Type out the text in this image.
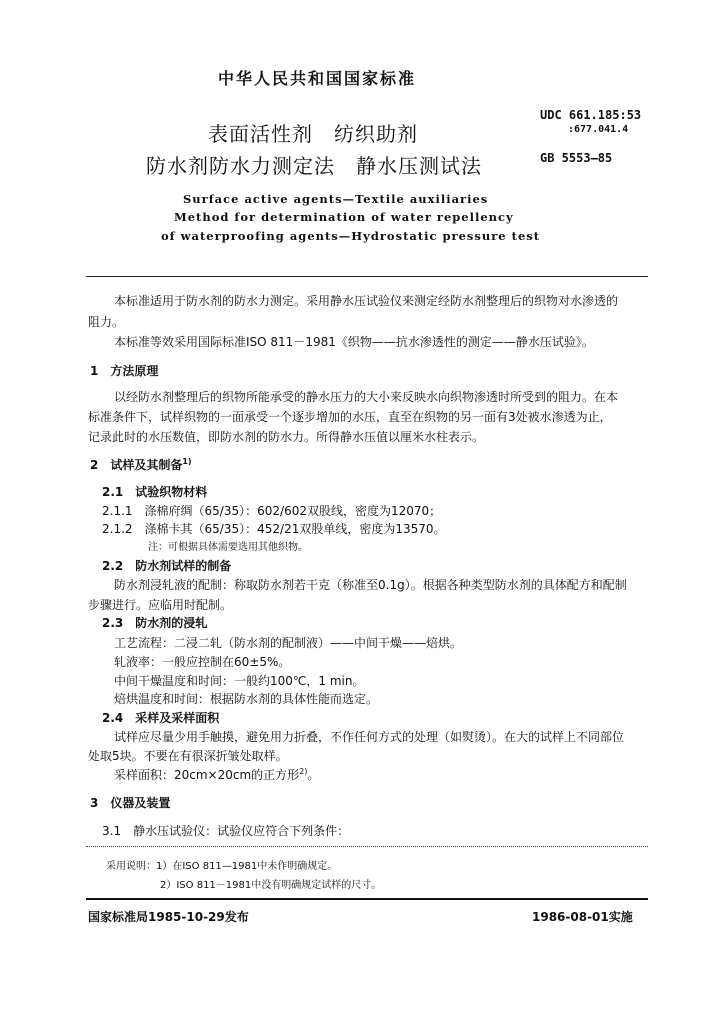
中华人民共和国国家标准
表面活性剂　纺织助剂
防水剂防水力测定法　静水压测试法
UDC 661.185:53
:677.041.4
GB 5553—85
Surface active agents—Textile auxiliaries
Method for determination of water repellency
of waterproofing agents—Hydrostatic pressure test
本标准适用于防水剂的防水力测定。采用静水压试验仪来测定经防水剂整理后的织物对水渗透的
阻力。
本标准等效采用国际标准ISO 811－1981《织物——抗水渗透性的测定——静水压试验》。
1　方法原理
以经防水剂整理后的织物所能承受的静水压力的大小来反映水向织物渗透时所受到的阻力。在本
标准条件下，试样织物的一面承受一个逐步增加的水压，直至在织物的另一面有3处被水渗透为止，
记录此时的水压数值，即防水剂的防水力。所得静水压值以厘米水柱表示。
2　试样及其制备$^{1)}$
2.1　试验织物材料
2.1.1　涤棉府绸（65/35）：602/602双股线，密度为12070；
2.1.2　涤棉卡其（65/35）：452/21双股单线，密度为13570。
注：可根据具体需要选用其他织物。
2.2　防水剂试样的制备
防水剂浸轧液的配制：称取防水剂若干克（称准至0.1g）。根据各种类型防水剂的具体配方和配制
步骤进行。应临用时配制。
2.3　防水剂的浸轧
工艺流程：二浸二轧（防水剂的配制液）——中间干燥——焙烘。
轧液率：一般应控制在60±5%。
中间干燥温度和时间：一般约100℃，1 min。
焙烘温度和时间：根据防水剂的具体性能而选定。
2.4　采样及采样面积
试样应尽量少用手触摸，避免用力折叠，不作任何方式的处理（如熨烫）。在大的试样上不同部位
处取5块。不要在有很深折皱处取样。
采样面积：20cm×20cm的正方形$^{2)}$。
3　仪器及装置
3.1　静水压试验仪：试验仪应符合下列条件：
采用说明：1）在ISO 811—1981中未作明确规定。
2）ISO 811－1981中没有明确规定试样的尺寸。
国家标准局1985-10-29发布	1986-08-01实施
